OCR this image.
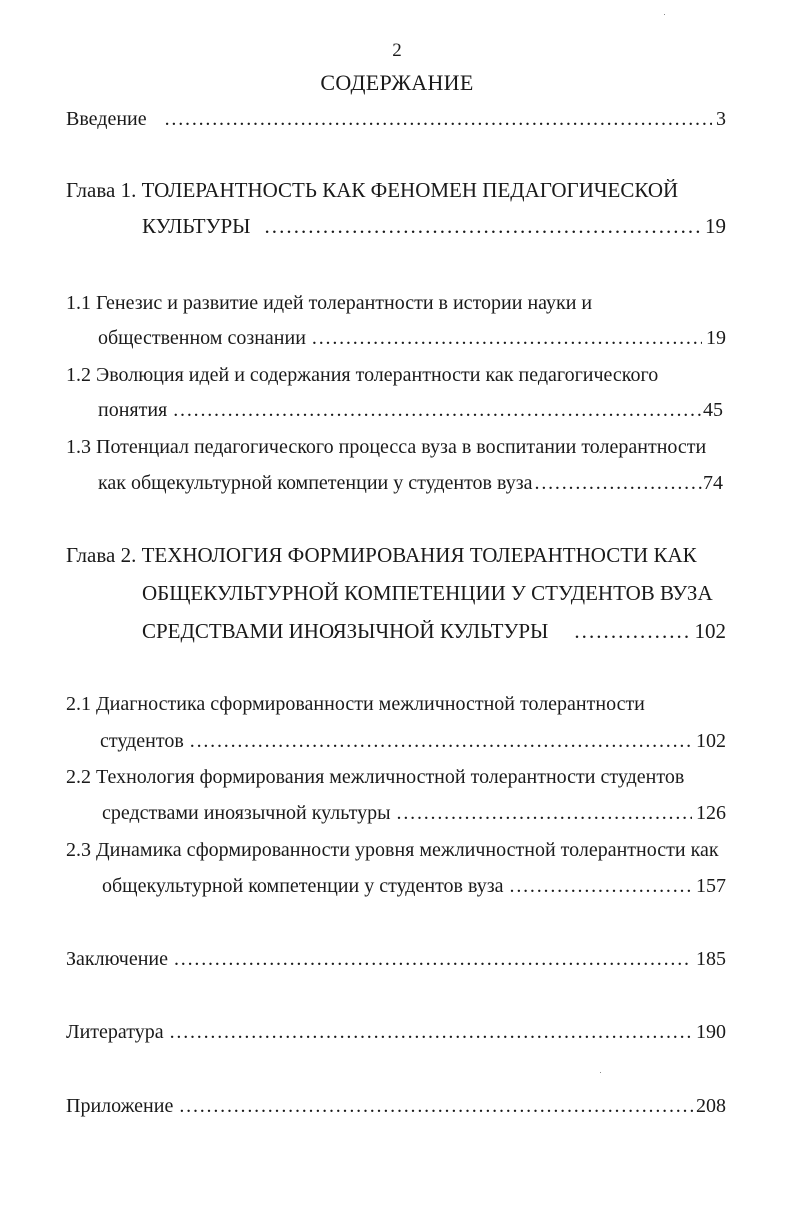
2
СОДЕРЖАНИЕ
Введение . . .	3
Глава 1. ТОЛЕРАНТНОСТЬ КАК ФЕНОМЕН ПЕДАГОГИЧЕСКОЙ
КУЛЬТУРЫ . . .	19
1.1 Генезис и развитие идей толерантности в истории науки и
общественном сознании . . .	19
1.2 Эволюция идей и содержания толерантности как педагогического
понятия . . .	45
1.3 Потенциал педагогического процесса вуза в воспитании толерантности
как общекультурной компетенции у студентов вуза . . .	74
Глава 2. ТЕХНОЛОГИЯ ФОРМИРОВАНИЯ ТОЛЕРАНТНОСТИ КАК
ОБЩЕКУЛЬТУРНОЙ КОМПЕТЕНЦИИ У СТУДЕНТОВ ВУЗА
СРЕДСТВАМИ ИНОЯЗЫЧНОЙ КУЛЬТУРЫ . . .	102
2.1 Диагностика сформированности межличностной толерантности
студентов . . .	102
2.2 Технология формирования межличностной толерантности студентов
средствами иноязычной культуры . . .	126
2.3 Динамика сформированности уровня межличностной толерантности как
общекультурной компетенции у студентов вуза . . .	157
Заключение . . .	185
Литература . . .	190
Приложение . . .	208
